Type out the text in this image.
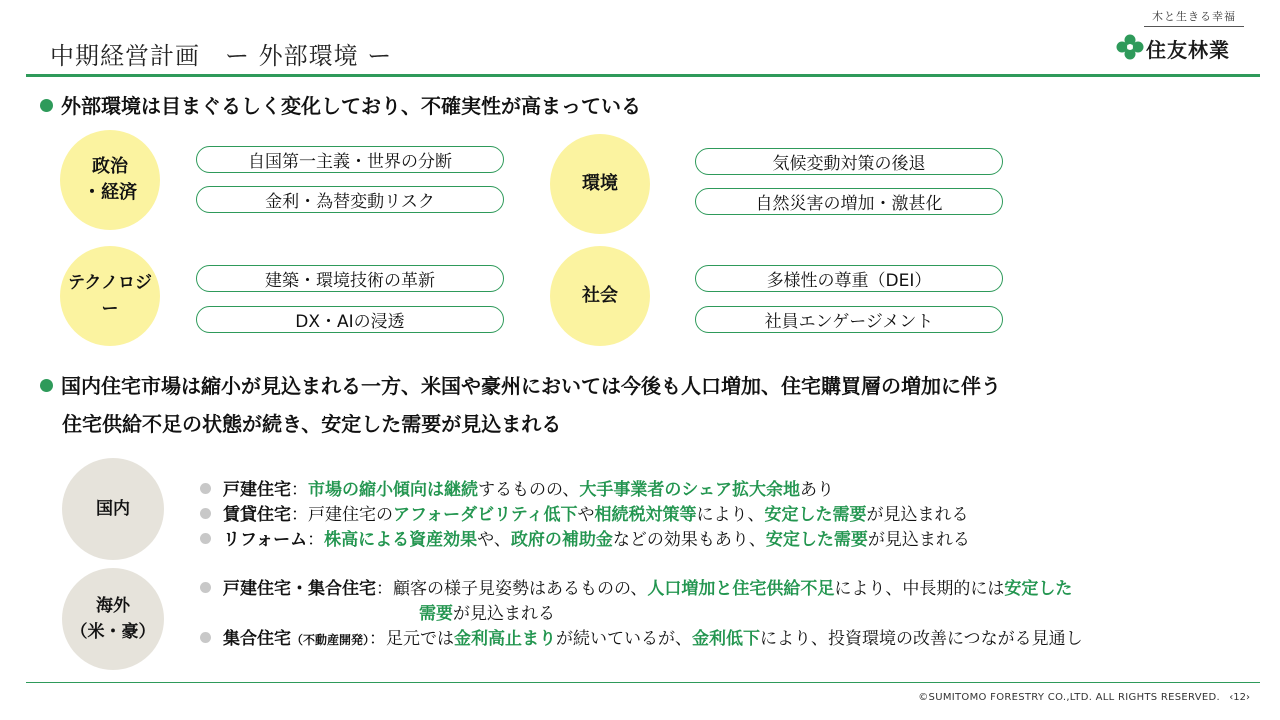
中期経営計画　ー 外部環境 ー
木と生きる幸福
住友林業
外部環境は目まぐるしく変化しており、不確実性が高まっている
政治
・経済
自国第一主義・世界の分断
金利・為替変動リスク
環境
気候変動対策の後退
自然災害の増加・激甚化
テクノロジー
建築・環境技術の革新
DX・AIの浸透
社会
多様性の尊重（DEI）
社員エンゲージメント
国内住宅市場は縮小が見込まれる一方、米国や豪州においては今後も人口増加、住宅購買層の増加に伴う
住宅供給不足の状態が続き、安定した需要が見込まれる
国内
戸建住宅：市場の縮小傾向は継続するものの、大手事業者のシェア拡大余地あり
賃貸住宅：戸建住宅のアフォーダビリティ低下や相続税対策等により、安定した需要が見込まれる
リフォーム：株高による資産効果や、政府の補助金などの効果もあり、安定した需要が見込まれる
海外
（米・豪）
戸建住宅・集合住宅：顧客の様子見姿勢はあるものの、人口増加と住宅供給不足により、中長期的には安定した
需要が見込まれる
集合住宅（不動産開発）：足元では金利高止まりが続いているが、金利低下により、投資環境の改善につながる見通し
©SUMITOMO FORESTRY CO.,LTD. ALL RIGHTS RESERVED. ‹12›
